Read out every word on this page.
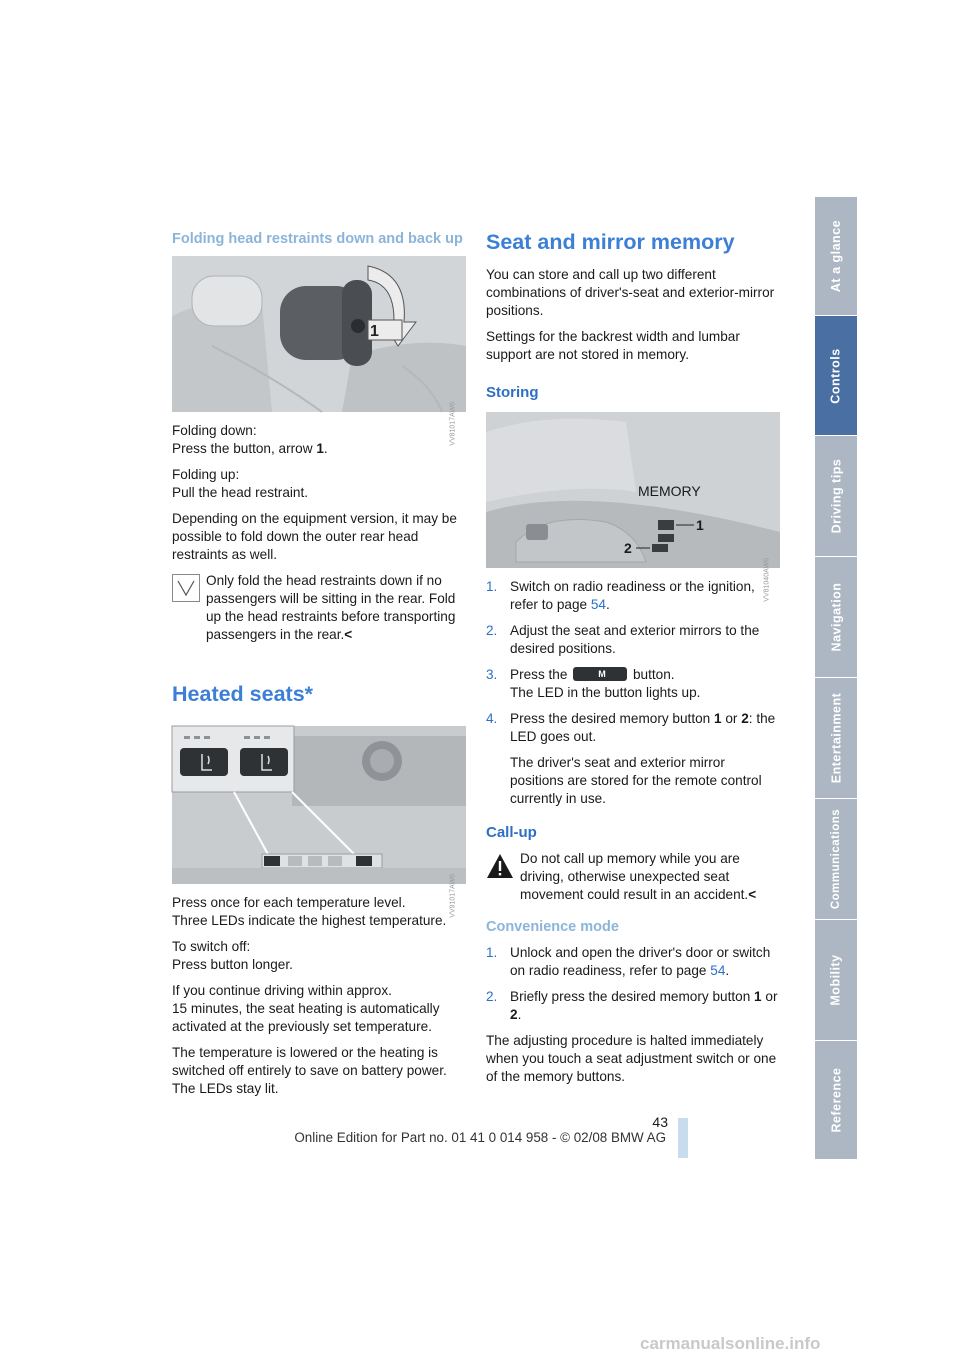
Folding head restraints down and back up
1
VV81017AW6

Folding down:
Press the button, arrow 1.

Folding up:
Pull the head restraint.

Depending on the equipment version, it may be possible to fold down the outer rear head restraints as well.

Only fold the head restraints down if no passengers will be sitting in the rear. Fold up the head restraints before transporting passengers in the rear.<

Heated seats*
VV91017AW6

Press once for each temperature level.
Three LEDs indicate the highest temperature.

To switch off:
Press button longer.

If you continue driving within approx.
15 minutes, the seat heating is automatically activated at the previously set temperature.

The temperature is lowered or the heating is switched off entirely to save on battery power. The LEDs stay lit.

Seat and mirror memory

You can store and call up two different combinations of driver's-seat and exterior-mirror positions.

Settings for the backrest width and lumbar support are not stored in memory.

Storing
MEMORY
1
2
VV81040AW6
1. Switch on radio readiness or the ignition, refer to page 54.
2. Adjust the seat and exterior mirrors to the desired positions.
3. Press the	M button.
The LED in the button lights up.
4. Press the desired memory button 1 or 2: the LED goes out.

The driver's seat and exterior mirror positions are stored for the remote control currently in use.

Call-up

Do not call up memory while you are driving, otherwise unexpected seat movement could result in an accident.<

Convenience mode
1. Unlock and open the driver's door or switch on radio readiness, refer to page 54.
2. Briefly press the desired memory button 1 or 2.

The adjusting procedure is halted immediately when you touch a seat adjustment switch or one of the memory buttons.

At a glance
Controls
Driving tips
Navigation
Entertainment
Communications
Mobility
Reference
43
Online Edition for Part no. 01 41 0 014 958 - © 02/08 BMW AG
carmanualsonline.info
